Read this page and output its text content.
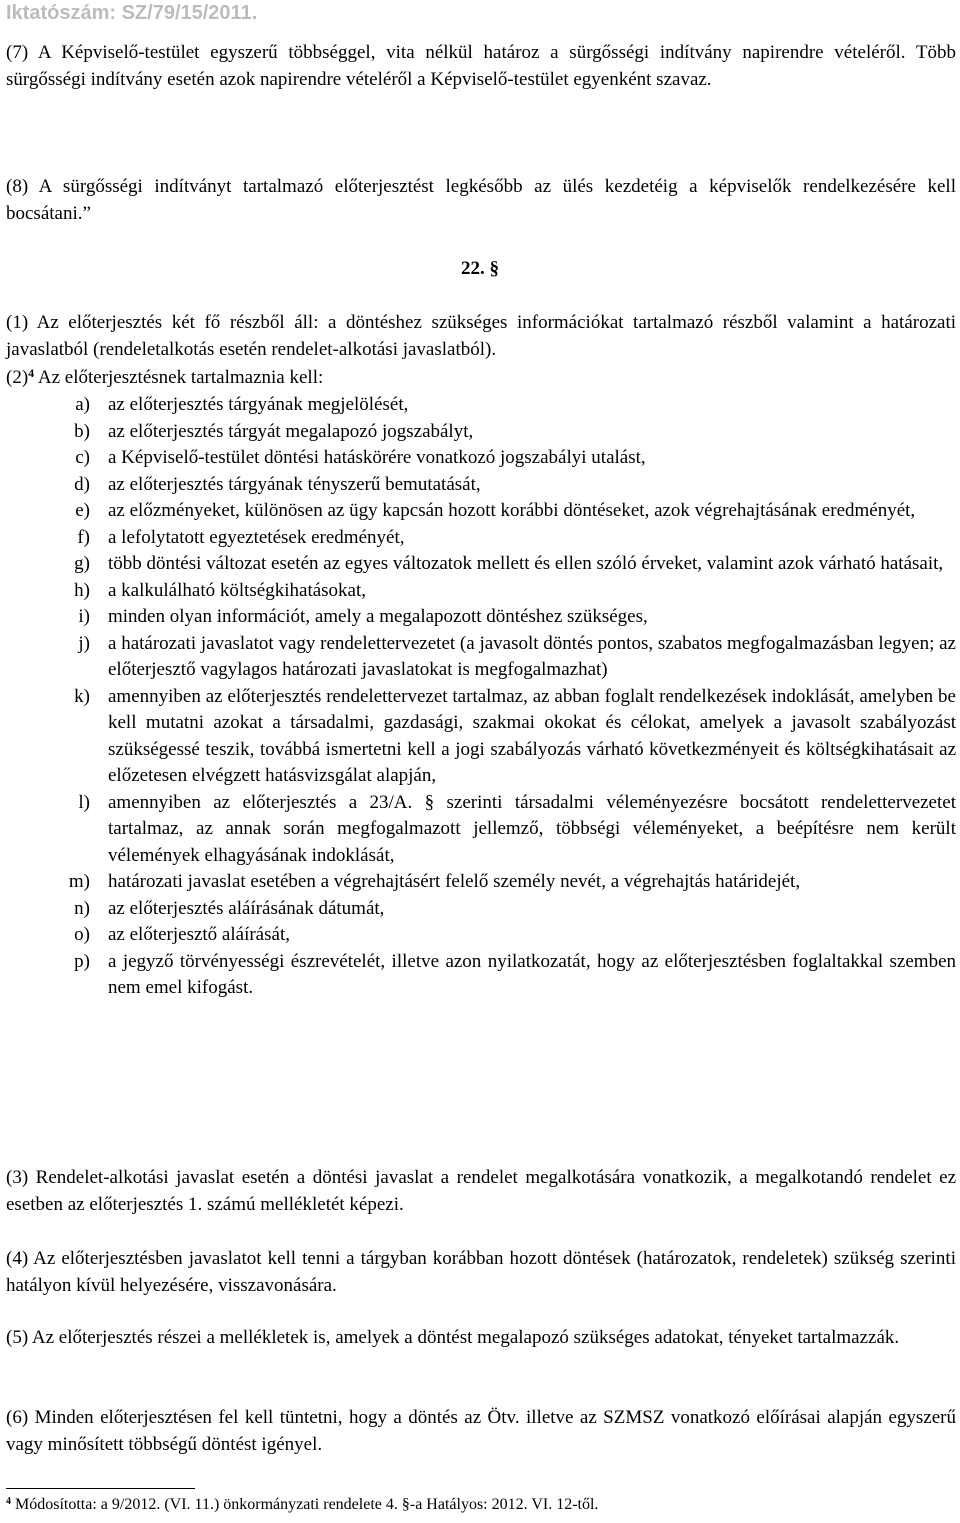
Iktatószám: SZ/79/15/2011.

(7) A Képviselő-testület egyszerű többséggel, vita nélkül határoz a sürgősségi indítvány napirendre vételéről. Több sürgősségi indítvány esetén azok napirendre vételéről a Képviselő-testület egyenként szavaz.

(8) A sürgősségi indítványt tartalmazó előterjesztést legkésőbb az ülés kezdetéig a képviselők rendelkezésére kell bocsátani.”

22. §

(1) Az előterjesztés két fő részből áll: a döntéshez szükséges információkat tartalmazó részből valamint a határozati javaslatból (rendeletalkotás esetén rendelet-alkotási javaslatból).

$(2)^4$ Az előterjesztésnek tartalmaznia kell:

a) az előterjesztés tárgyának megjelölését,
b) az előterjesztés tárgyát megalapozó jogszabályt,
c) a Képviselő-testület döntési hatáskörére vonatkozó jogszabályi utalást,
d) az előterjesztés tárgyának tényszerű bemutatását,
e) az előzményeket, különösen az ügy kapcsán hozott korábbi döntéseket, azok végrehajtásának eredményét,
f) a lefolytatott egyeztetések eredményét,
g) több döntési változat esetén az egyes változatok mellett és ellen szóló érveket, valamint azok várható hatásait,
h) a kalkulálható költségkihatásokat,
i) minden olyan információt, amely a megalapozott döntéshez szükséges,
j) a határozati javaslatot vagy rendelettervezetet (a javasolt döntés pontos, szabatos megfogalmazásban legyen; az előterjesztő vagylagos határozati javaslatokat is megfogalmazhat)
k) amennyiben az előterjesztés rendelettervezet tartalmaz, az abban foglalt rendelkezések indoklását, amelyben be kell mutatni azokat a társadalmi, gazdasági, szakmai okokat és célokat, amelyek a javasolt szabályozást szükségessé teszik, továbbá ismertetni kell a jogi szabályozás várható következményeit és költségkihatásait az előzetesen elvégzett hatásvizsgálat alapján,
l) amennyiben az előterjesztés a 23/A. § szerinti társadalmi véleményezésre bocsátott rendelettervezetet tartalmaz, az annak során megfogalmazott jellemző, többségi véleményeket, a beépítésre nem került vélemények elhagyásának indoklását,
m) határozati javaslat esetében a végrehajtásért felelő személy nevét, a végrehajtás határidejét,
n) az előterjesztés aláírásának dátumát,
o) az előterjesztő aláírását,
p) a jegyző törvényességi észrevételét, illetve azon nyilatkozatát, hogy az előterjesztésben foglaltakkal szemben nem emel kifogást.

(3) Rendelet-alkotási javaslat esetén a döntési javaslat a rendelet megalkotására vonatkozik, a megalkotandó rendelet ez esetben az előterjesztés 1. számú mellékletét képezi.

(4) Az előterjesztésben javaslatot kell tenni a tárgyban korábban hozott döntések (határozatok, rendeletek) szükség szerinti hatályon kívül helyezésére, visszavonására.

(5) Az előterjesztés részei a mellékletek is, amelyek a döntést megalapozó szükséges adatokat, tényeket tartalmazzák.

(6) Minden előterjesztésen fel kell tüntetni, hogy a döntés az Ötv. illetve az SZMSZ vonatkozó előírásai alapján egyszerű vagy minősített többségű döntést igényel.

$^4$ Módosította: a 9/2012. (VI. 11.) önkormányzati rendelete 4. §-a Hatályos: 2012. VI. 12-től.
